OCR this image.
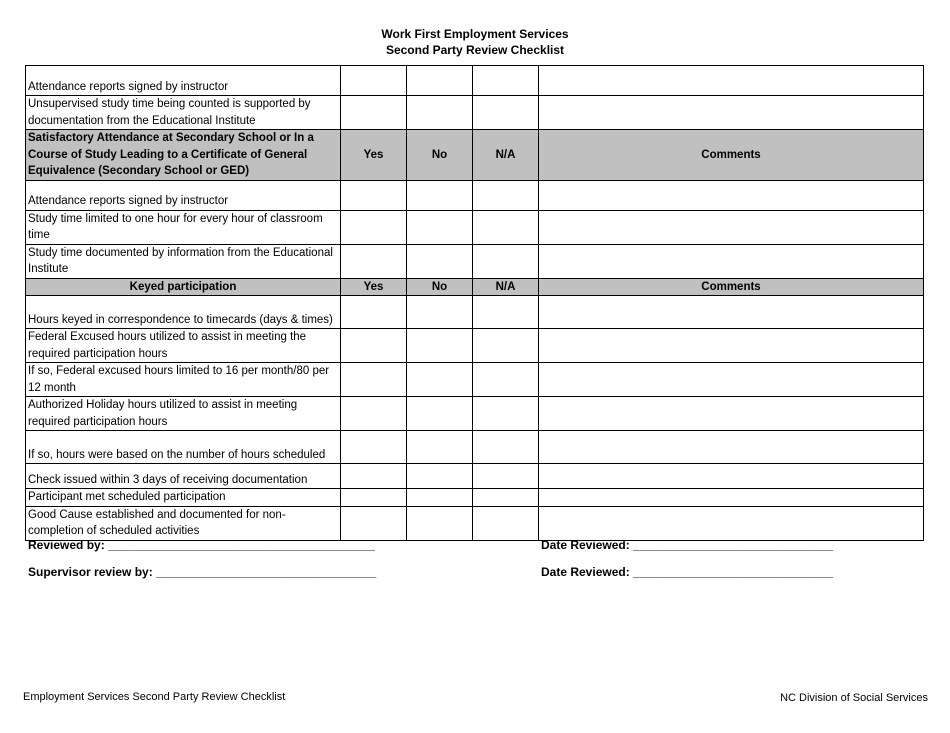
Work First Employment Services
Second Party Review Checklist
Attendance reports signed by instructor				
Unsupervised study time being counted is supported by documentation from the Educational Institute				
Satisfactory Attendance at Secondary School or In a Course of Study Leading to a Certificate of General Equivalence (Secondary School or GED)	Yes	No	N/A	Comments
Attendance reports signed by instructor				
Study time limited to one hour for every hour of classroom time				
Study time documented by information from the Educational Institute				
Keyed participation	Yes	No	N/A	Comments
Hours keyed in correspondence to timecards (days & times)				
Federal Excused hours utilized to assist in meeting the required participation hours				
If so, Federal excused hours limited to 16 per month/80 per 12 month				
Authorized Holiday hours utilized to assist in meeting required participation hours				
If so, hours were based on the number of hours scheduled				
Check issued within 3 days of receiving documentation				
Participant met scheduled participation				
Good Cause established and documented for non-completion of scheduled activities				
Reviewed by: ________________________________________	Date Reviewed: ______________________________
Supervisor review by: _________________________________	Date Reviewed: ______________________________
Employment Services Second Party Review Checklist	NC Division of Social Services
